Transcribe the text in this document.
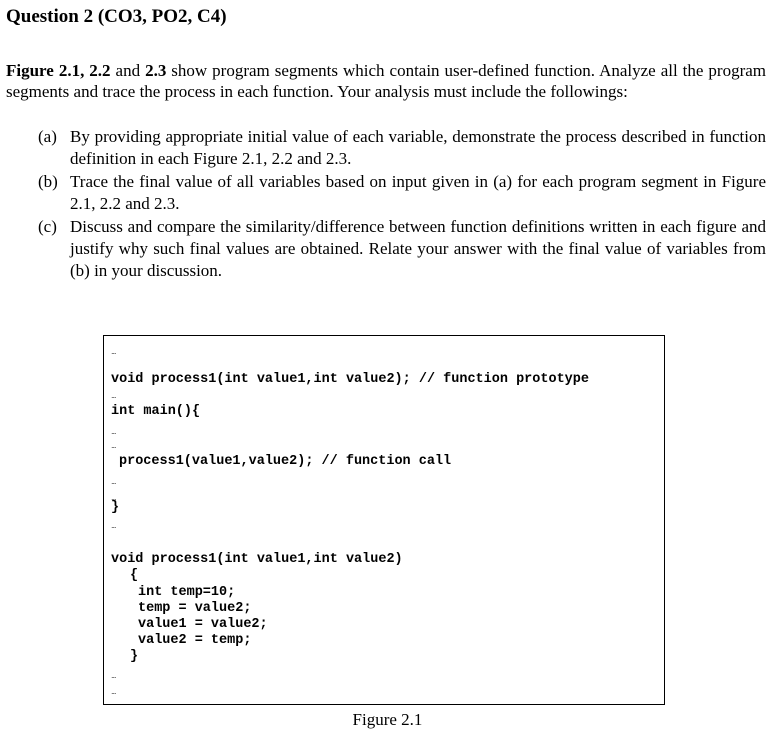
Question 2 (CO3, PO2, C4)
Figure 2.1, 2.2 and 2.3 show program segments which contain user-defined function. Analyze all the program segments and trace the process in each function. Your analysis must include the followings:
(a) By providing appropriate initial value of each variable, demonstrate the process described in function definition in each Figure 2.1, 2.2 and 2.3.
(b) Trace the final value of all variables based on input given in (a) for each program segment in Figure 2.1, 2.2 and 2.3.
(c) Discuss and compare the similarity/difference between function definitions written in each figure and justify why such final values are obtained. Relate your answer with the final value of variables from (b) in your discussion.
...
void process1(int value1,int value2); // function prototype
...
int main(){
...
...
process1(value1,value2); // function call
...
...
}
...
void process1(int value1,int value2)
{
int temp=10;
temp = value2;
value1 = value2;
value2 = temp;
}
...
...
Figure 2.1
